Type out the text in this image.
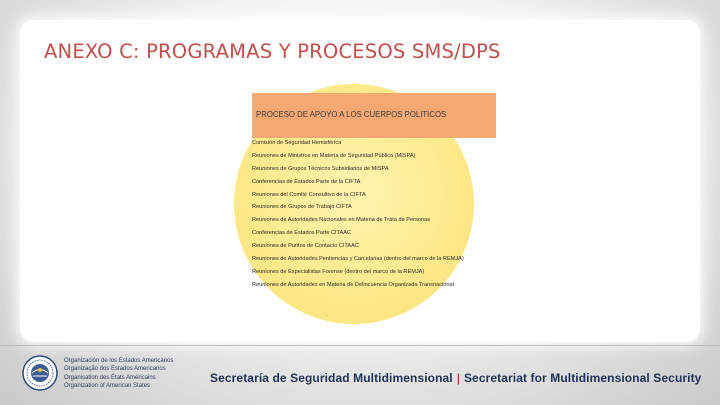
ANEXO C: PROGRAMAS Y PROCESOS SMS/DPS
PROCESO DE APOYO A LOS CUERPOS POLITICOS
Comisión de Seguridad Hemisférica
Reuniones de Ministros en Materia de Seguridad Pública (MISPA)
Reuniones de Grupos Técnicos Subsidiarios de MISPA
Conferencias de Estados Parte de la CIFTA
Reuniones del Comité Consultivo de la CIFTA
Reuniones de Grupos de Trabajo CIFTA
Reuniones de Autoridades Nacionales en Materia de Trata de Personas
Conferencias de Estados Parte CITAAC
Reuniones de Puntos de Contacto CITAAC
Reuniones de Autoridades Penitencias y Carcelarias (dentro del marco de la REMJA)
Reuniones de Especialistas Forense (dentro del marco de la REMJA)
Reuniones de Autoridades en Materia de Delincuencia Organizada Transnacional
Organización de los Estados Americanos
Organização dos Estados Americanos
Organisation des États Américains
Organization of American States
Secretaría de Seguridad Multidimensional | Secretariat for Multidimensional Security
